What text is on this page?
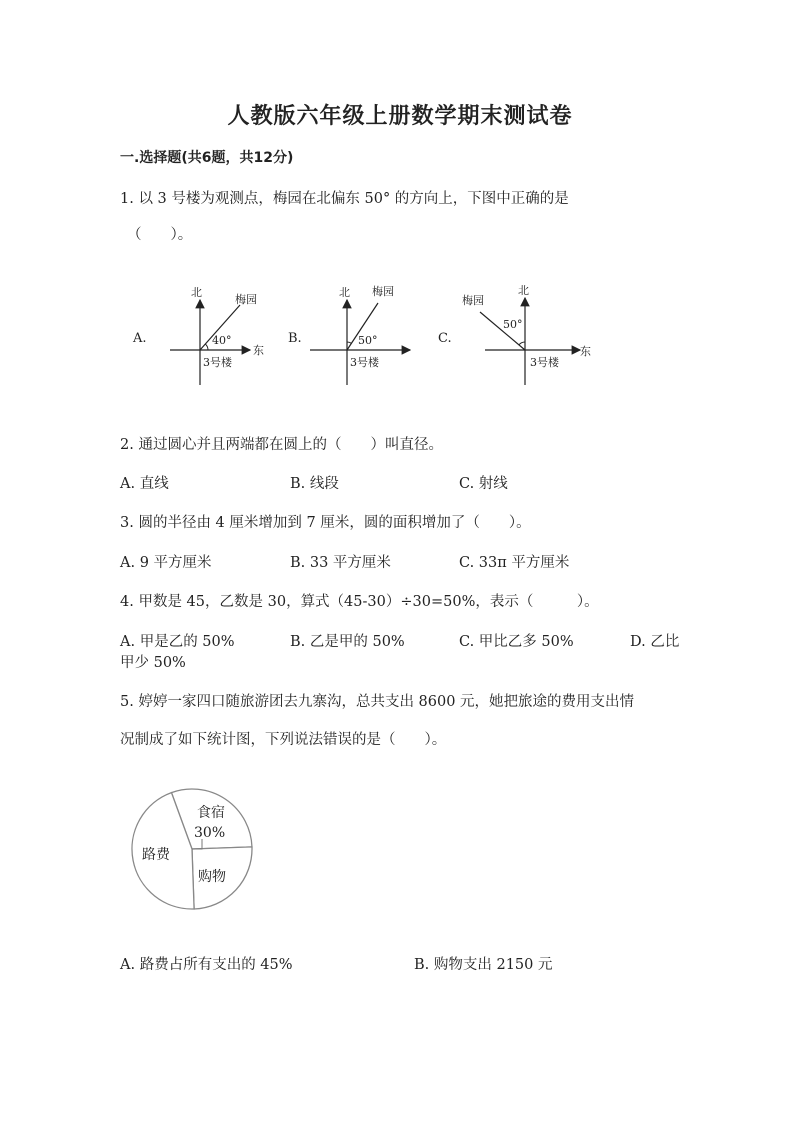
人教版六年级上册数学期末测试卷
一.选择题(共6题，共12分)
1. 以 3 号楼为观测点，梅园在北偏东 50° 的方向上，下图中正确的是
（　　）。
A.
北
梅园
40°
东
3号楼
B.
北 梅园
50°
3号楼
C.
北
梅园
50°
东
3号楼
2. 通过圆心并且两端都在圆上的（　　）叫直径。
A. 直线	B. 线段	C. 射线
3. 圆的半径由 4 厘米增加到 7 厘米，圆的面积增加了（　　）。
A. 9 平方厘米	B. 33 平方厘米	C. 33π 平方厘米
4. 甲数是 45，乙数是 30，算式（45-30）÷30=50%，表示（　　　）。
A. 甲是乙的 50%	B. 乙是甲的 50%	C. 甲比乙多 50%	D. 乙比
甲少 50%
5. 婷婷一家四口随旅游团去九寨沟，总共支出 8600 元，她把旅途的费用支出情
况制成了如下统计图，下列说法错误的是（　　）。
食宿
30%
路费
购物
A. 路费占所有支出的 45%	B. 购物支出 2150 元
